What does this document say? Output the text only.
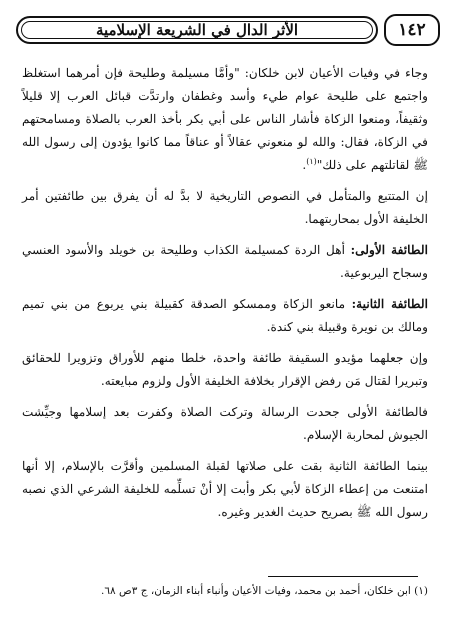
الأثر الدال في الشريعة الإسلامية	١٤٢

وجاء في وفيات الأعيان لابن خلكان: "وأمَّا مسيلمة وطليحة فإن أمرهما استغلظ واجتمع على طليحة عوام طيء وأسد وغطفان وارتدَّت قبائل العرب إلا قليلاً وثقيفاً، ومنعوا الزكاة فأشار الناس على أبي بكر بأخذ العرب بالصلاة ومسامحتهم في الزكاة، فقال: والله لو منعوني عقالاً أو عناقاً مما كانوا يؤدون إلى رسول الله ﷺ لقاتلتهم على ذلك"$^{(١)}$.

إن المتتبع والمتأمل في النصوص التاريخية لا بدَّ له أن يفرق بين طائفتين أمر الخليفة الأول بمحاربتهما.

الطائفة الأولى: أهل الردة كمسيلمة الكذاب وطليحة بن خويلد والأسود العنسي وسجاح اليربوعية.

الطائفة الثانية: مانعو الزكاة وممسكو الصدقة كقبيلة بني يربوع من بني تميم ومالك بن نويرة وقبيلة بني كندة.

وإن جعلهما مؤيدو السقيفة طائفة واحدة، خلطا منهم للأوراق وتزويرا للحقائق وتبريرا لقتال مَن رفض الإقرار بخلافة الخليفة الأول ولزوم مبايعته.

فالطائفة الأولى جحدت الرسالة وتركت الصلاة وكفرت بعد إسلامها وجيِّشت الجيوش لمحاربة الإسلام.

بينما الطائفة الثانية بقت على صلاتها لقبلة المسلمين وأقرَّت بالإسلام، إلا أنها امتنعت من إعطاء الزكاة لأبي بكر وأبت إلا أنْ تسلِّمه للخليفة الشرعي الذي نصبه رسول الله ﷺ بصريح حديث الغدير وغيره.

(١) ابن خلكان، أحمد بن محمد، وفيات الأعيان وأنباء أبناء الزمان، ج ٣ص ٦٨.
